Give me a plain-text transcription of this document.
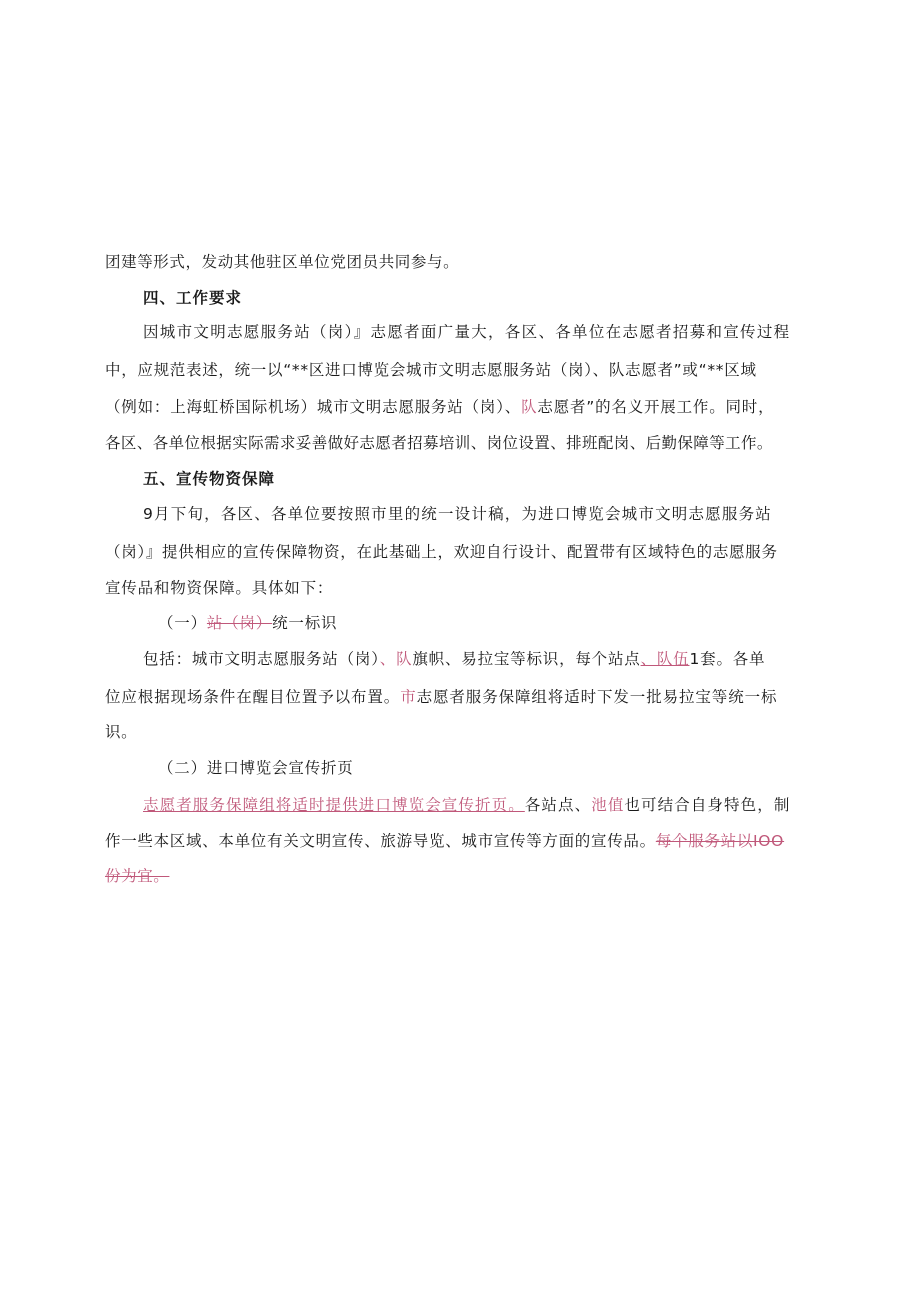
团建等形式，发动其他驻区单位党团员共同参与。
四、工作要求
因城市文明志愿服务站（岗）』志愿者面广量大，各区、各单位在志愿者招募和宣传过程
中，应规范表述，统一以“**区进口博览会城市文明志愿服务站（岗）、队志愿者”或“**区域
（例如：上海虹桥国际机场）城市文明志愿服务站（岗）、队志愿者”的名义开展工作。同时，
各区、各单位根据实际需求妥善做好志愿者招募培训、岗位设置、排班配岗、后勤保障等工作。
五、宣传物资保障
9月下旬，各区、各单位要按照市里的统一设计稿，为进口博览会城市文明志愿服务站
（岗）』提供相应的宣传保障物资，在此基础上，欢迎自行设计、配置带有区域特色的志愿服务
宣传品和物资保障。具体如下：
（一）站（岗）统一标识
包括：城市文明志愿服务站（岗）、队旗帜、易拉宝等标识，每个站点、队伍1套。各单
位应根据现场条件在醒目位置予以布置。市志愿者服务保障组将适时下发一批易拉宝等统一标
识。
（二）进口博览会宣传折页
志愿者服务保障组将适时提供进口博览会宣传折页。各站点、池值也可结合自身特色，制
作一些本区域、本单位有关文明宣传、旅游导览、城市宣传等方面的宣传品。每个服务站以IOO
份为宜。
